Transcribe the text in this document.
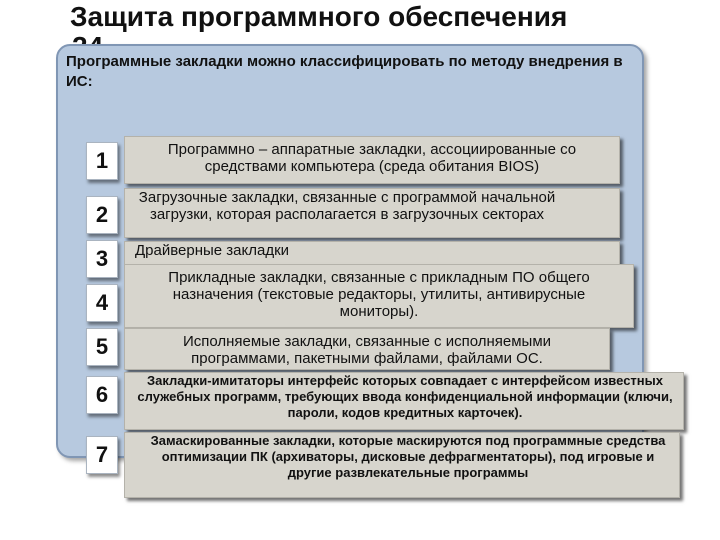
Защита программного обеспечения
Программные закладки можно классифицировать по методу внедрения в ИС:
1	Программно – аппаратные закладки, ассоциированные со средствами компьютера (среда обитания BIOS)
2
Загрузочные закладки, связанные с программой начальной загрузки, которая располагается в загрузочных секторах
3	Драйверные закладки
4
Прикладные закладки, связанные с прикладным ПО общего назначения (текстовые редакторы, утилиты, антивирусные мониторы).
5	Исполняемые закладки, связанные с исполняемыми программами, пакетными файлами, файлами ОС.
6
Закладки-имитаторы интерфейс которых совпадает с интерфейсом известных служебных программ, требующих ввода конфиденциальной информации (ключи, пароли, кодов кредитных карточек).
7
Замаскированные закладки, которые маскируются под программные средства оптимизации ПК (архиваторы, дисковые дефрагментаторы), под игровые и другие развлекательные программы
